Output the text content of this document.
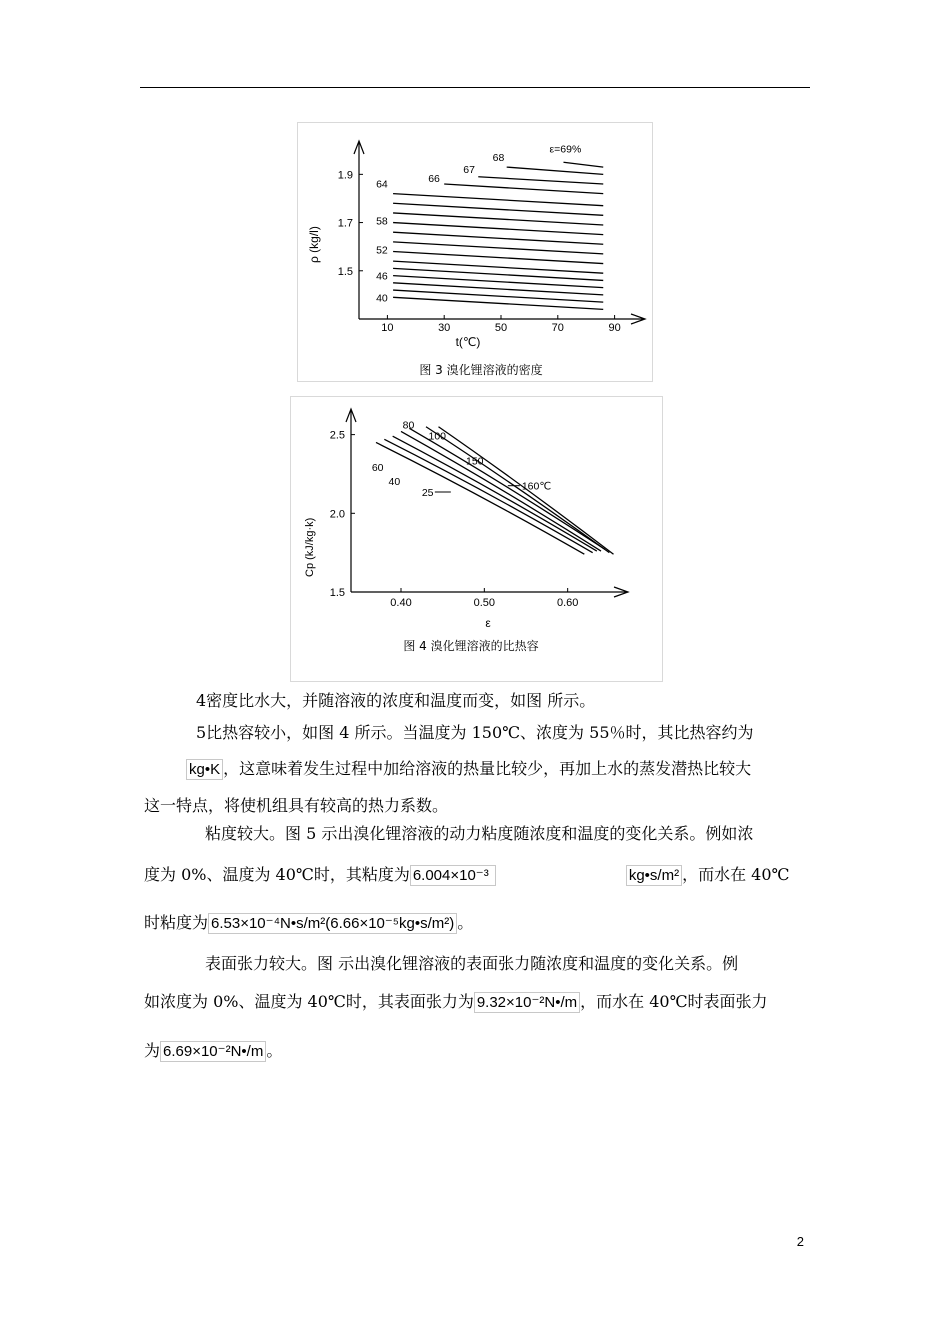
10	30	50	70	90
1.5
1.7
1.9
40
46
52
58
64	66
67
68
ε=69%
ρ (kg/l)
t(℃)
图 3 溴化锂溶液的密度
0.40	0.50	0.60
1.5
2.0
2.5
25
40
60
80
100
150
160℃
Cp (kJ/kg·k)
ε
图 4 溴化锂溶液的比热容
4密度比水大，并随溶液的浓度和温度而变，如图 所示。
5比热容较小，如图 4 所示。当温度为 150℃、浓度为 55％时，其比热容约为
kg•K ，这意味着发生过程中加给溶液的热量比较少，再加上水的蒸发潜热比较大
这一特点，将使机组具有较高的热力系数。
粘度较大。图 5 示出溴化锂溶液的动力粘度随浓度和温度的变化关系。例如浓
度为 0%、温度为 40℃时，其粘度为 6.004×10⁻³	kg•s/m² ，而水在 40℃
时粘度为 6.53×10⁻⁴N•s/m²(6.66×10⁻⁵kg•s/m²) 。
表面张力较大。图 示出溴化锂溶液的表面张力随浓度和温度的变化关系。例
如浓度为 0%、温度为 40℃时，其表面张力为 9.32×10⁻²N•/m ，而水在 40℃时表面张力
为 6.69×10⁻²N•/m 。
2
